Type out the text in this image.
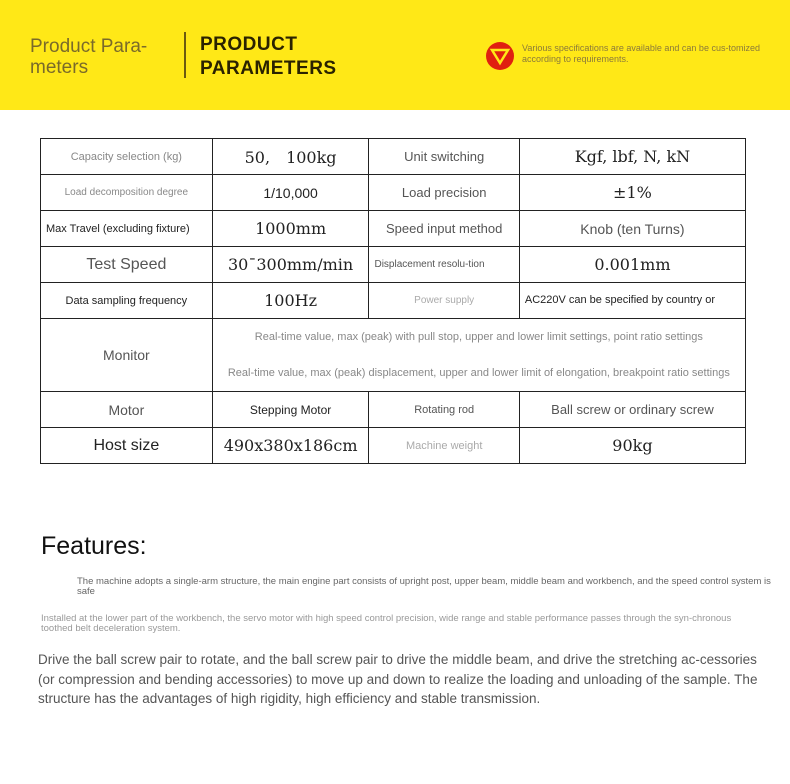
Product Para-meters
PRODUCT PARAMETERS
Various specifications are available and can be cus-tomized according to requirements.
Capacity selection (kg)	50,　100kg	Unit switching	Kgf, lbf, N, kN
Load decomposition degree	1/10,000	Load precision	±1%
Max Travel (excluding fixture)	1000mm	Speed input method	Knob (ten Turns)
Test Speed	30¯300mm/min	Displacement resolu-tion	0.001mm
Data sampling frequency	100Hz	Power supply	AC220V can be specified by country or
Monitor	Real-time value, max (peak) with pull stop, upper and lower limit settings, point ratio settings
Real-time value, max (peak) displacement, upper and lower limit of elongation, breakpoint ratio settings		

Motor	Stepping Motor	Rotating rod	Ball screw or ordinary screw
Host size	490x380x186cm	Machine weight	90kg
Features:
The machine adopts a single-arm structure, the main engine part consists of upright post, upper beam, middle beam and workbench, and the speed control system is safe
Installed at the lower part of the workbench, the servo motor with high speed control precision, wide range and stable performance passes through the syn-chronous toothed belt deceleration system.
Drive the ball screw pair to rotate, and the ball screw pair to drive the middle beam, and drive the stretching ac-cessories (or compression and bending accessories) to move up and down to realize the loading and unloading of the sample. The structure has the advantages of high rigidity, high efficiency and stable transmission.
